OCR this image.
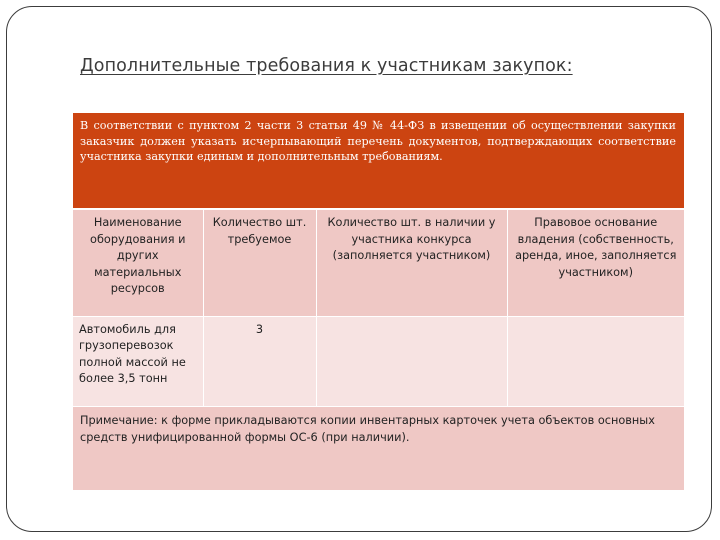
Дополнительные требования к участникам закупок:
В соответствии с пунктом 2 части 3 статьи 49 № 44-ФЗ в извещении об осуществлении закупки заказчик должен указать исчерпывающий перечень документов, подтверждающих соответствие участника закупки единым и дополнительным требованиям.			
Наименование оборудования и других материальных ресурсов	Количество шт. требуемое	Количество шт. в наличии у участника конкурса (заполняется участником)	Правовое основание владения (собственность, аренда, иное, заполняется участником)
Автомобиль для грузоперевозок полной массой не более 3,5 тонн	3		
Примечание: к форме прикладываются копии инвентарных карточек учета объектов основных средств унифицированной формы ОС-6 (при наличии).			
